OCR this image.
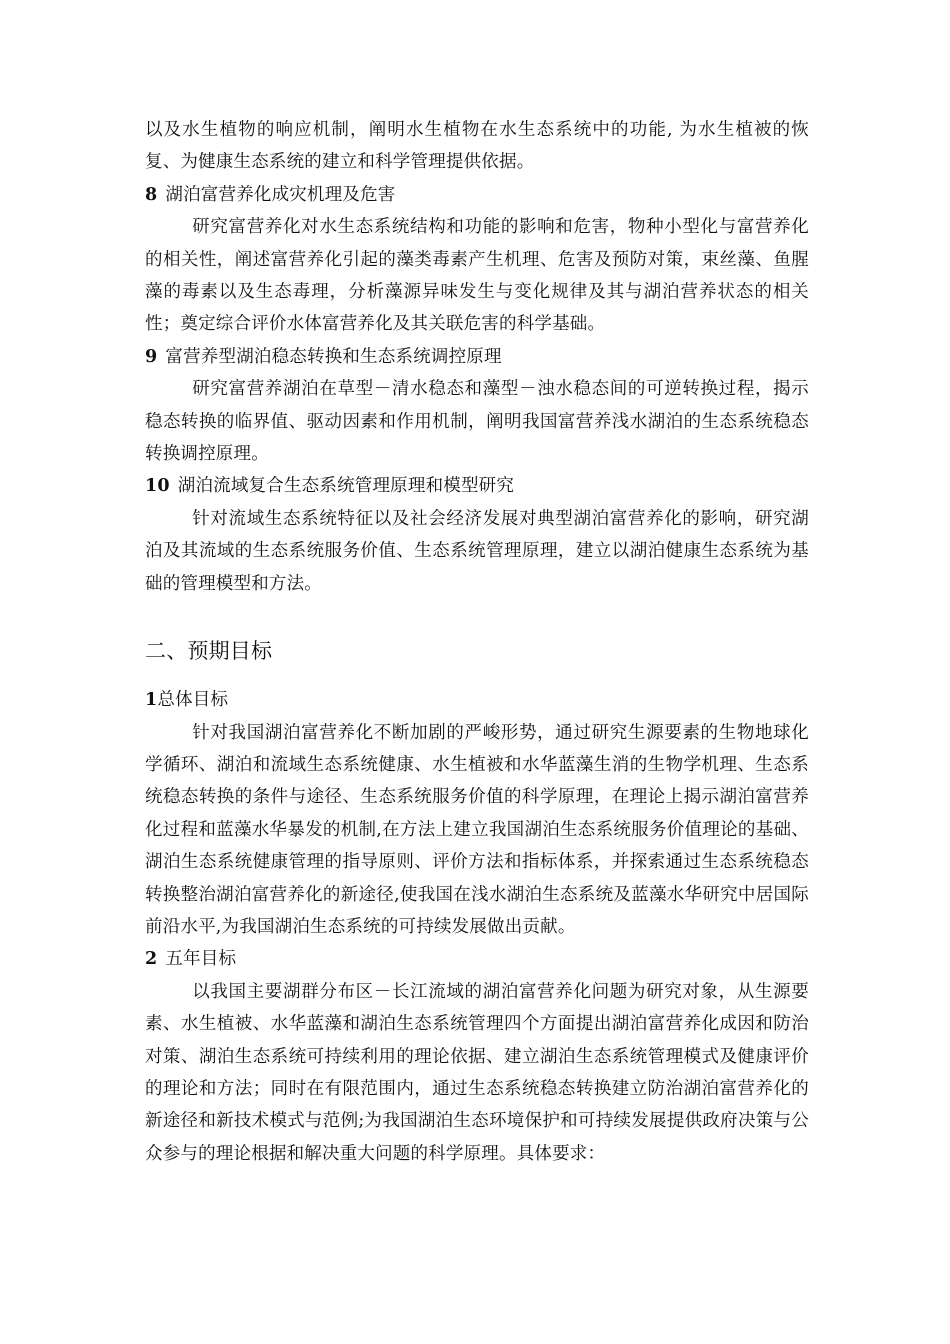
以及水生植物的响应机制，阐明水生植物在水生态系统中的功能, 为水生植被的恢复、为健康生态系统的建立和科学管理提供依据。

8 湖泊富营养化成灾机理及危害

研究富营养化对水生态系统结构和功能的影响和危害，物种小型化与富营养化的相关性，阐述富营养化引起的藻类毒素产生机理、危害及预防对策，束丝藻、鱼腥藻的毒素以及生态毒理，分析藻源异味发生与变化规律及其与湖泊营养状态的相关性；奠定综合评价水体富营养化及其关联危害的科学基础。

9 富营养型湖泊稳态转换和生态系统调控原理

研究富营养湖泊在草型－清水稳态和藻型－浊水稳态间的可逆转换过程，揭示稳态转换的临界值、驱动因素和作用机制，阐明我国富营养浅水湖泊的生态系统稳态转换调控原理。

10 湖泊流域复合生态系统管理原理和模型研究

针对流域生态系统特征以及社会经济发展对典型湖泊富营养化的影响，研究湖泊及其流域的生态系统服务价值、生态系统管理原理，建立以湖泊健康生态系统为基础的管理模型和方法。

二、预期目标

1总体目标

针对我国湖泊富营养化不断加剧的严峻形势，通过研究生源要素的生物地球化学循环、湖泊和流域生态系统健康、水生植被和水华蓝藻生消的生物学机理、生态系统稳态转换的条件与途径、生态系统服务价值的科学原理，在理论上揭示湖泊富营养化过程和蓝藻水华暴发的机制,在方法上建立我国湖泊生态系统服务价值理论的基础、湖泊生态系统健康管理的指导原则、评价方法和指标体系，并探索通过生态系统稳态转换整治湖泊富营养化的新途径,使我国在浅水湖泊生态系统及蓝藻水华研究中居国际前沿水平,为我国湖泊生态系统的可持续发展做出贡献。

2 五年目标

以我国主要湖群分布区－长江流域的湖泊富营养化问题为研究对象，从生源要素、水生植被、水华蓝藻和湖泊生态系统管理四个方面提出湖泊富营养化成因和防治对策、湖泊生态系统可持续利用的理论依据、建立湖泊生态系统管理模式及健康评价的理论和方法；同时在有限范围内，通过生态系统稳态转换建立防治湖泊富营养化的新途径和新技术模式与范例;为我国湖泊生态环境保护和可持续发展提供政府决策与公众参与的理论根据和解决重大问题的科学原理。具体要求：
